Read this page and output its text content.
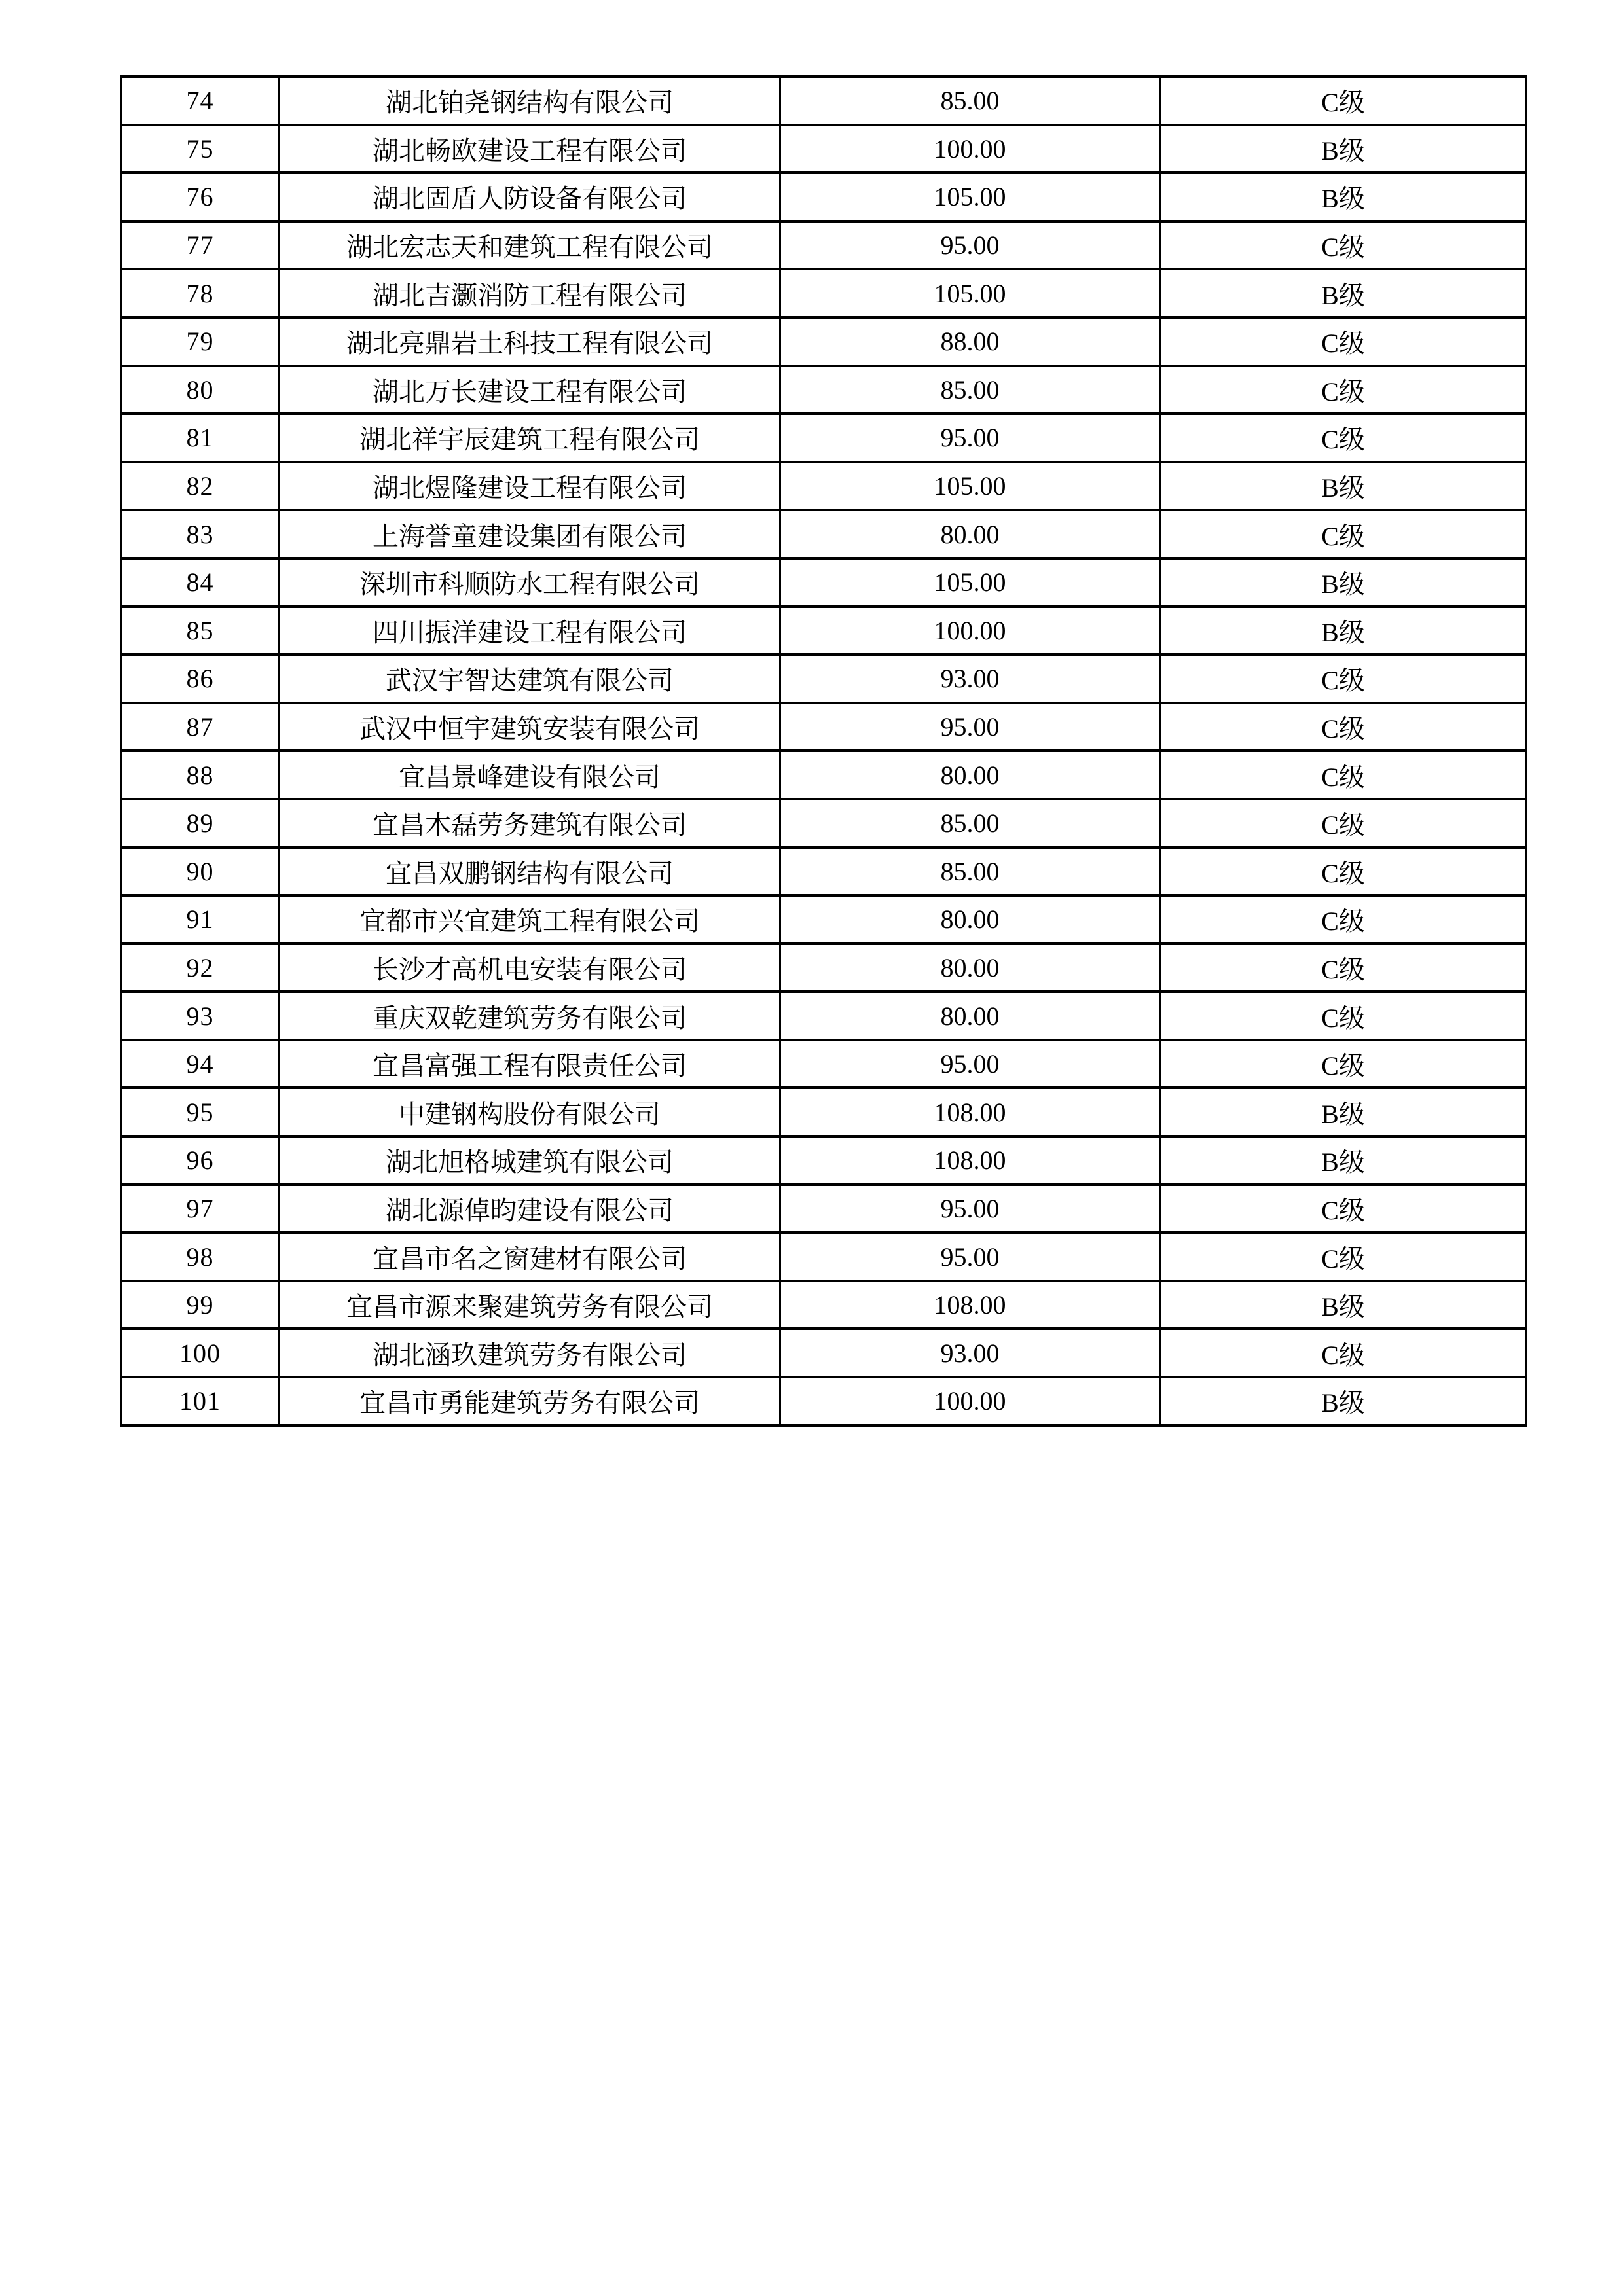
74	湖北铂尧钢结构有限公司	85.00	C级
75	湖北畅欧建设工程有限公司	100.00	B级
76	湖北固盾人防设备有限公司	105.00	B级
77	湖北宏志天和建筑工程有限公司	95.00	C级
78	湖北吉灏消防工程有限公司	105.00	B级
79	湖北亮鼎岩土科技工程有限公司	88.00	C级
80	湖北万长建设工程有限公司	85.00	C级
81	湖北祥宇辰建筑工程有限公司	95.00	C级
82	湖北煜隆建设工程有限公司	105.00	B级
83	上海誉童建设集团有限公司	80.00	C级
84	深圳市科顺防水工程有限公司	105.00	B级
85	四川振洋建设工程有限公司	100.00	B级
86	武汉宇智达建筑有限公司	93.00	C级
87	武汉中恒宇建筑安装有限公司	95.00	C级
88	宜昌景峰建设有限公司	80.00	C级
89	宜昌木磊劳务建筑有限公司	85.00	C级
90	宜昌双鹏钢结构有限公司	85.00	C级
91	宜都市兴宜建筑工程有限公司	80.00	C级
92	长沙才高机电安装有限公司	80.00	C级
93	重庆双乾建筑劳务有限公司	80.00	C级
94	宜昌富强工程有限责任公司	95.00	C级
95	中建钢构股份有限公司	108.00	B级
96	湖北旭格城建筑有限公司	108.00	B级
97	湖北源倬昀建设有限公司	95.00	C级
98	宜昌市名之窗建材有限公司	95.00	C级
99	宜昌市源来聚建筑劳务有限公司	108.00	B级
100	湖北涵玖建筑劳务有限公司	93.00	C级
101	宜昌市勇能建筑劳务有限公司	100.00	B级
